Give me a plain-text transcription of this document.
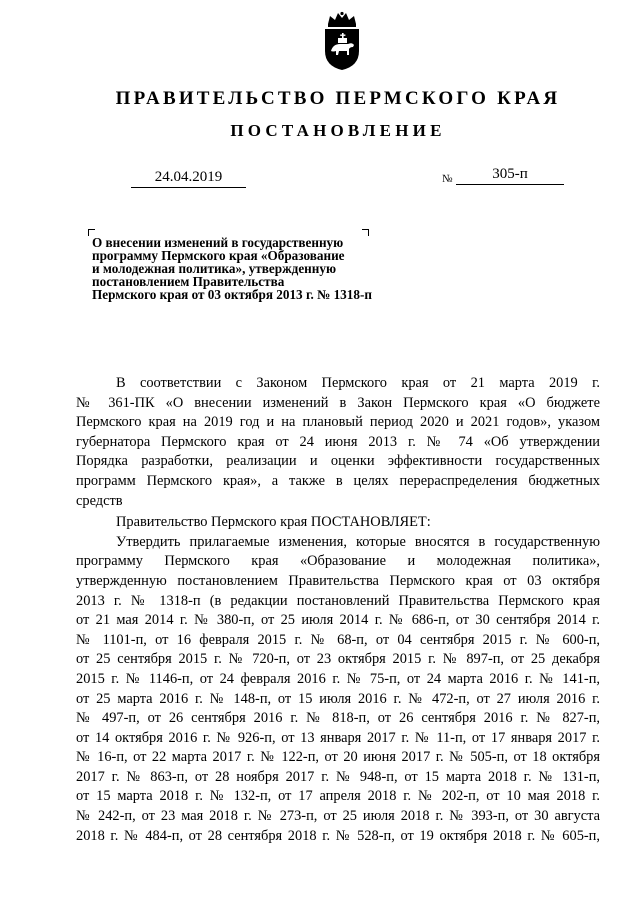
ПРАВИТЕЛЬСТВО ПЕРМСКОГО КРАЯ
ПОСТАНОВЛЕНИЕ
24.04.2019	№	305-п
О внесении изменений в государственную
программу Пермского края «Образование
и молодежная политика», утвержденную
постановлением Правительства
Пермского края от 03 октября 2013 г. № 1318-п
В соответствии с Законом Пермского края от 21 марта 2019 г.
№ 361-ПК «О внесении изменений в Закон Пермского края «О бюджете
Пермского края на 2019 год и на плановый период 2020 и 2021 годов», указом
губернатора Пермского края от 24 июня 2013 г. № 74 «Об утверждении
Порядка разработки, реализации и оценки эффективности государственных
программ Пермского края», а также в целях перераспределения бюджетных
средств
Правительство Пермского края ПОСТАНОВЛЯЕТ:
Утвердить прилагаемые изменения, которые вносятся в государственную
программу Пермского края «Образование и молодежная политика»,
утвержденную постановлением Правительства Пермского края от 03 октября
2013 г. № 1318-п (в редакции постановлений Правительства Пермского края
от 21 мая 2014 г. № 380-п, от 25 июля 2014 г. № 686-п, от 30 сентября 2014 г.
№ 1101-п, от 16 февраля 2015 г. № 68-п, от 04 сентября 2015 г. № 600-п,
от 25 сентября 2015 г. № 720-п, от 23 октября 2015 г. № 897-п, от 25 декабря
2015 г. № 1146-п, от 24 февраля 2016 г. № 75-п, от 24 марта 2016 г. № 141-п,
от 25 марта 2016 г. № 148-п, от 15 июля 2016 г. № 472-п, от 27 июля 2016 г.
№ 497-п, от 26 сентября 2016 г. № 818-п, от 26 сентября 2016 г. № 827-п,
от 14 октября 2016 г. № 926-п, от 13 января 2017 г. № 11-п, от 17 января 2017 г.
№ 16-п, от 22 марта 2017 г. № 122-п, от 20 июня 2017 г. № 505-п, от 18 октября
2017 г. № 863-п, от 28 ноября 2017 г. № 948-п, от 15 марта 2018 г. № 131-п,
от 15 марта 2018 г. № 132-п, от 17 апреля 2018 г. № 202-п, от 10 мая 2018 г.
№ 242-п, от 23 мая 2018 г. № 273-п, от 25 июля 2018 г. № 393-п, от 30 августа
2018 г. № 484-п, от 28 сентября 2018 г. № 528-п, от 19 октября 2018 г. № 605-п,
